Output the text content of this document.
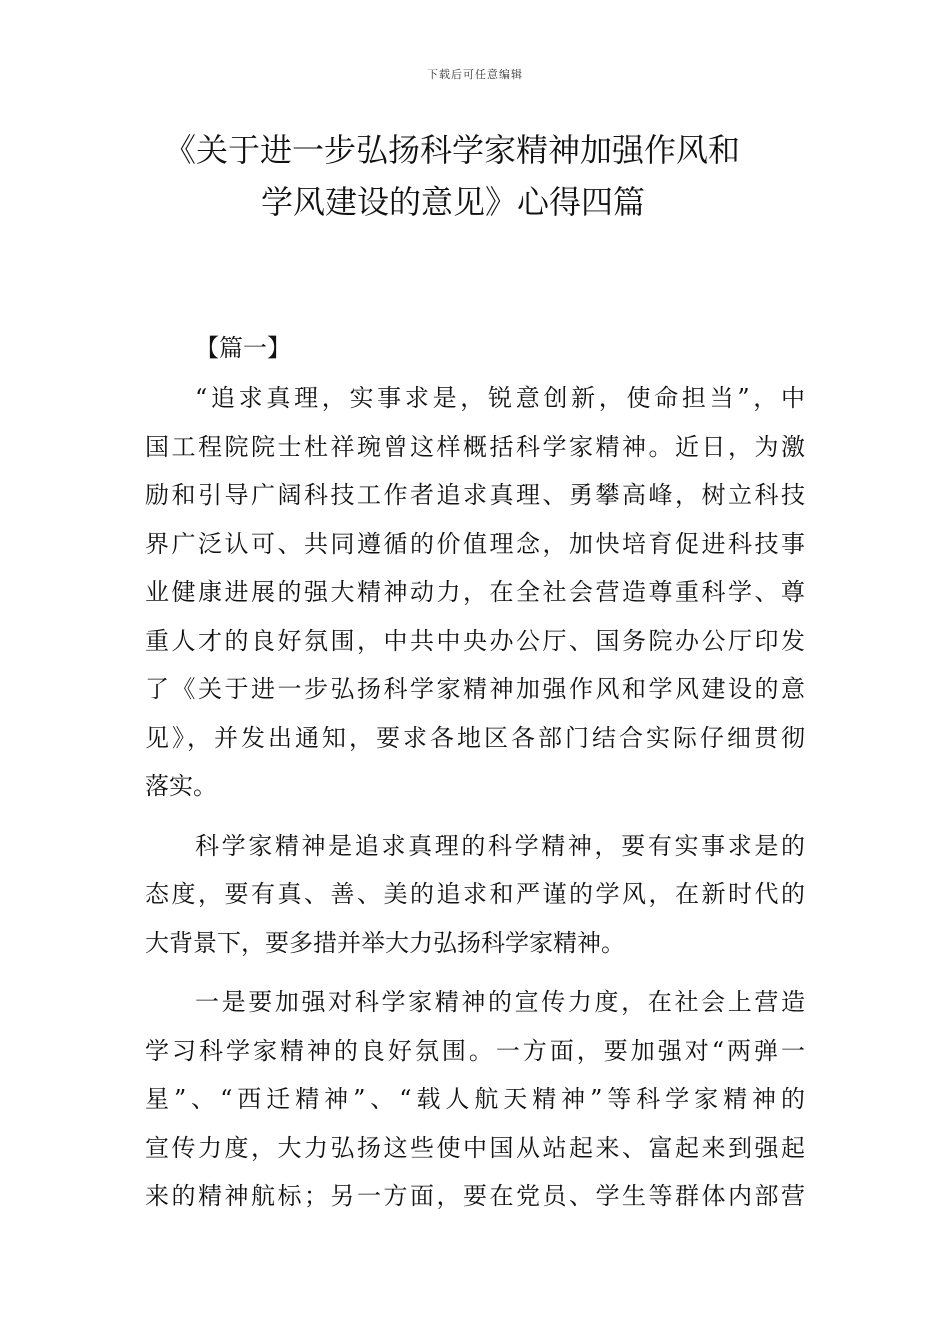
下载后可任意编辑
《关于进一步弘扬科学家精神加强作风和
学风建设的意见》心得四篇
【篇一】

“追求真理，实事求是，锐意创新，使命担当”，中
国工程院院士杜祥琬曾这样概括科学家精神。近日，为激
励和引导广阔科技工作者追求真理、勇攀高峰，树立科技
界广泛认可、共同遵循的价值理念，加快培育促进科技事
业健康进展的强大精神动力，在全社会营造尊重科学、尊
重人才的良好氛围，中共中央办公厅、国务院办公厅印发
了《关于进一步弘扬科学家精神加强作风和学风建设的意
见》，并发出通知，要求各地区各部门结合实际仔细贯彻
落实。

科学家精神是追求真理的科学精神，要有实事求是的
态度，要有真、善、美的追求和严谨的学风，在新时代的
大背景下，要多措并举大力弘扬科学家精神。

一是要加强对科学家精神的宣传力度，在社会上营造
学习科学家精神的良好氛围。一方面，要加强对“两弹一
星”、“西迁精神”、“载人航天精神”等科学家精神的
宣传力度，大力弘扬这些使中国从站起来、富起来到强起
来的精神航标；另一方面，要在党员、学生等群体内部营
